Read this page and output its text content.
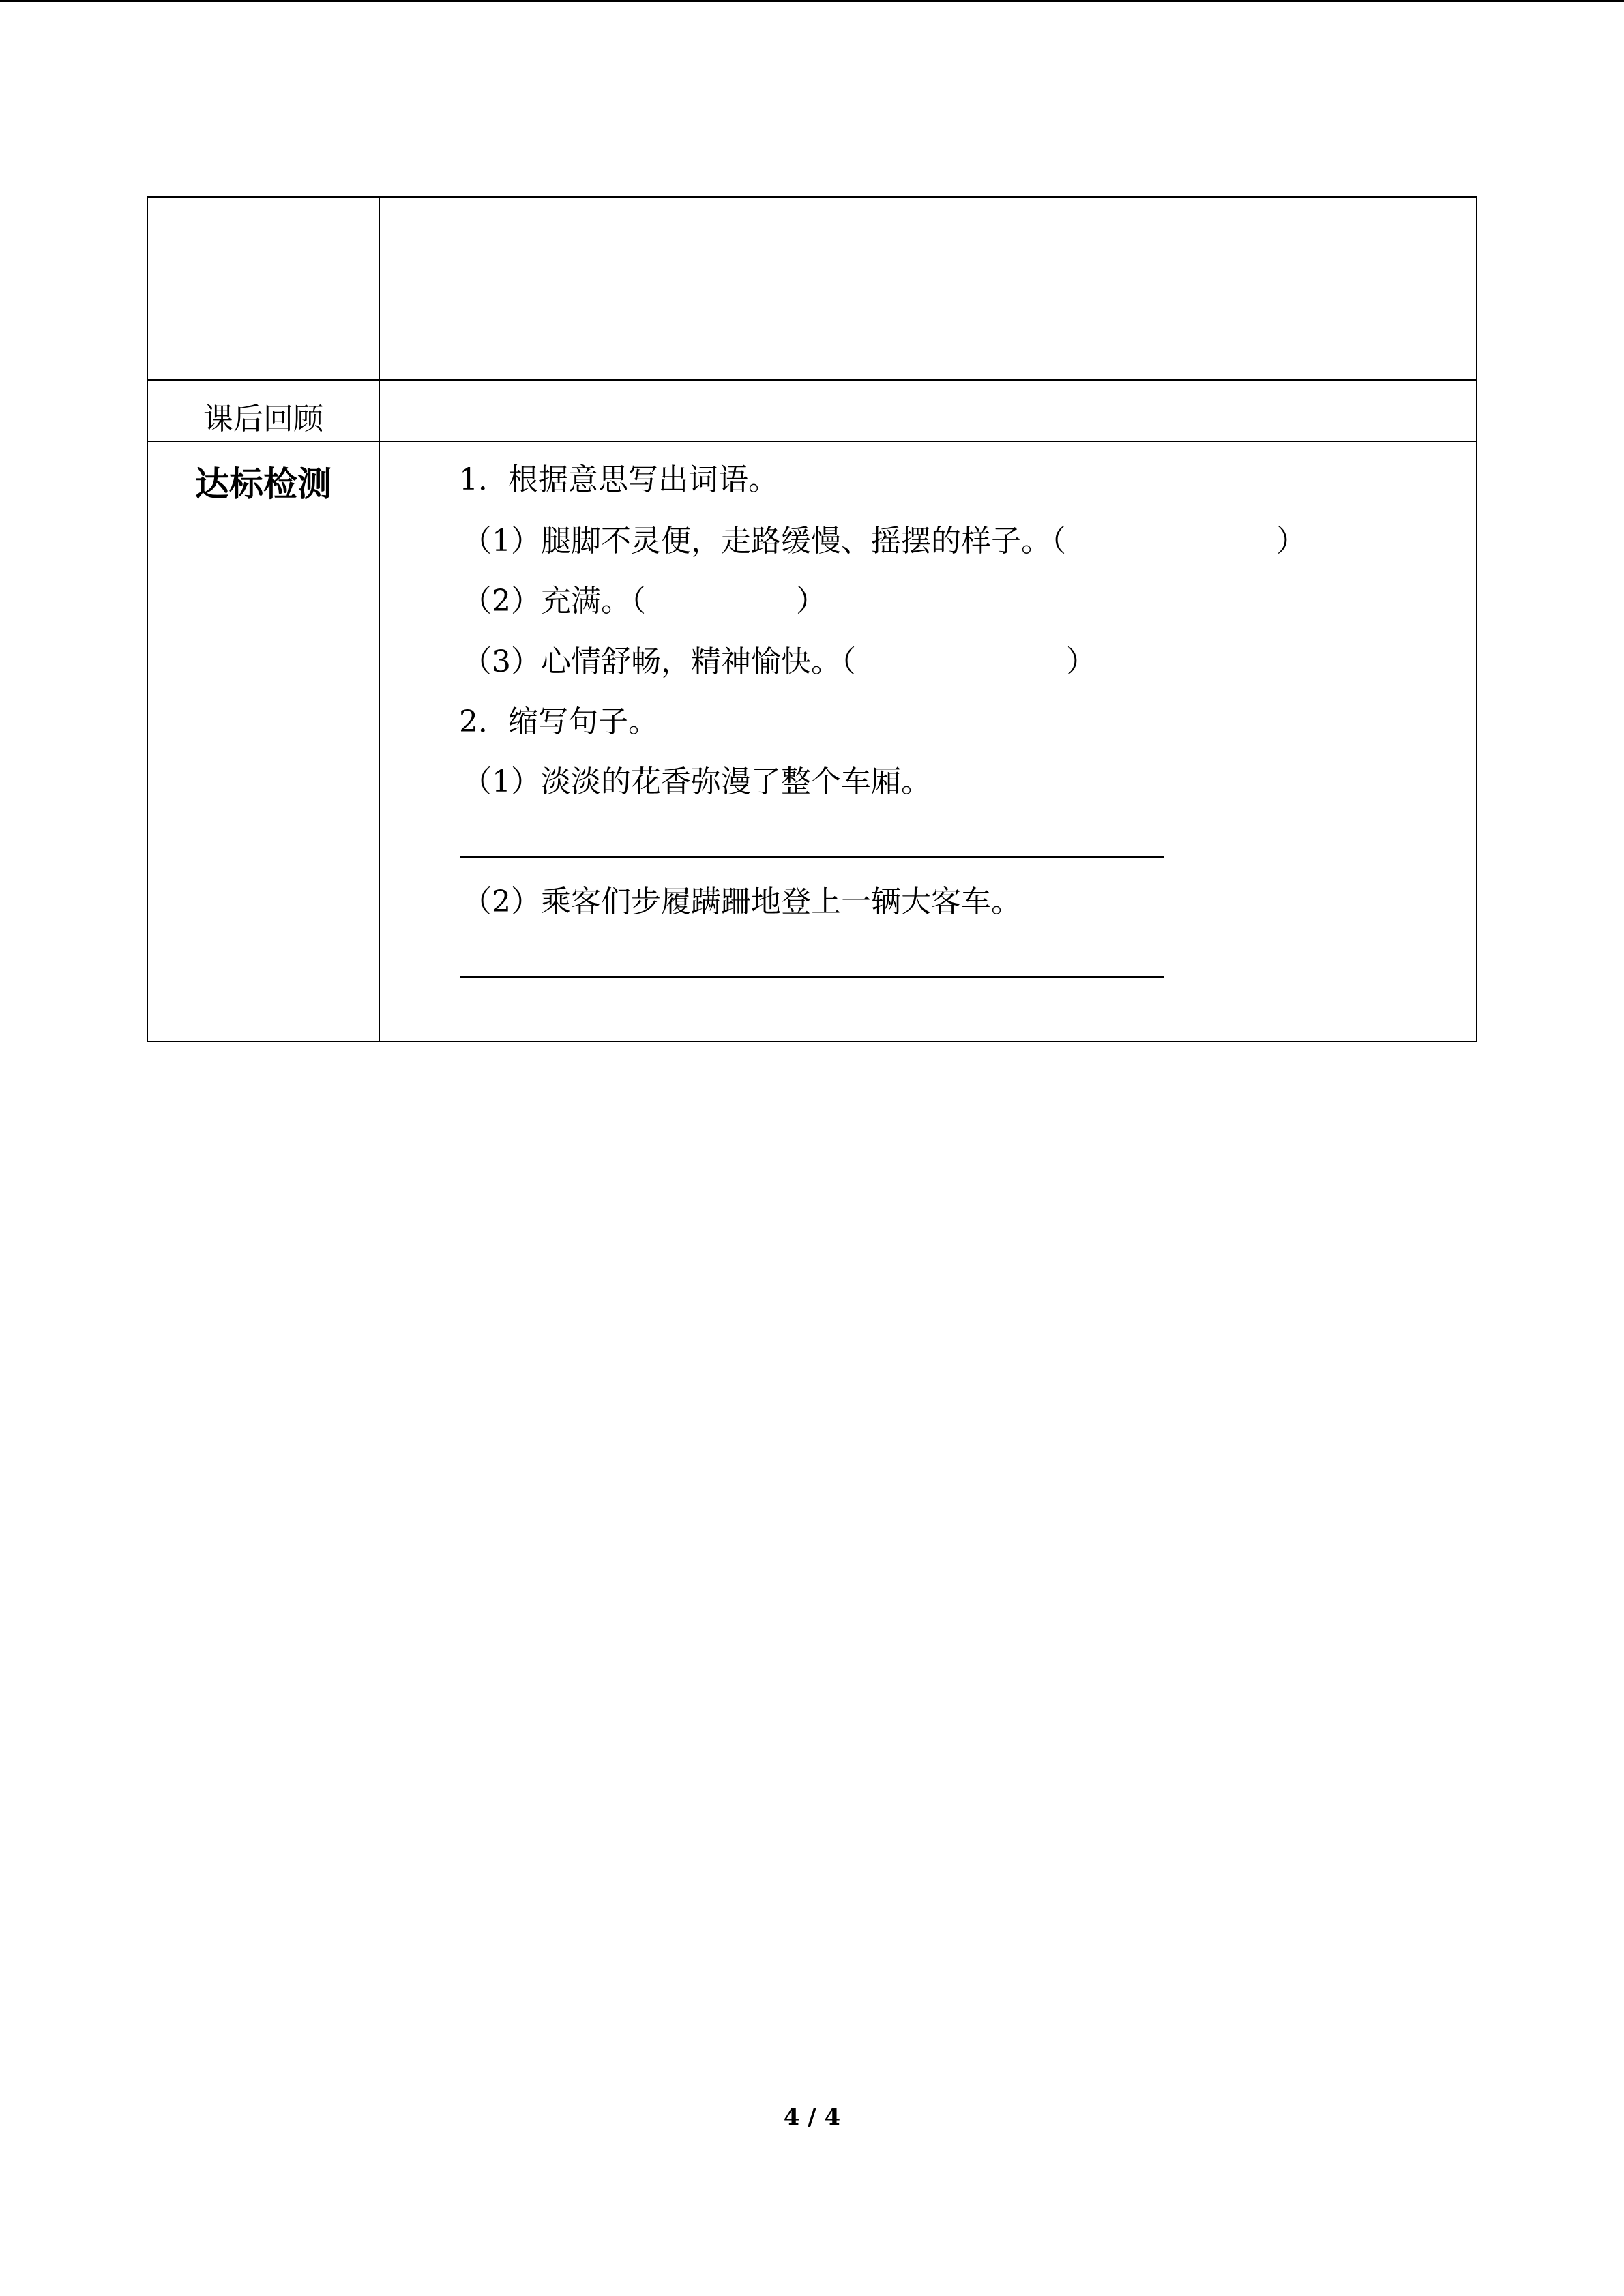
课后回顾
达标检测	1．根据意思写出词语。
（1）腿脚不灵便，走路缓慢、摇摆的样子。（　　　　　　　）
（2）充满。（　　　　　）
（3）心情舒畅，精神愉快。（　　　　　　　）
2．缩写句子。
（1）淡淡的花香弥漫了整个车厢。
（2）乘客们步履蹒跚地登上一辆大客车。
4 / 4
